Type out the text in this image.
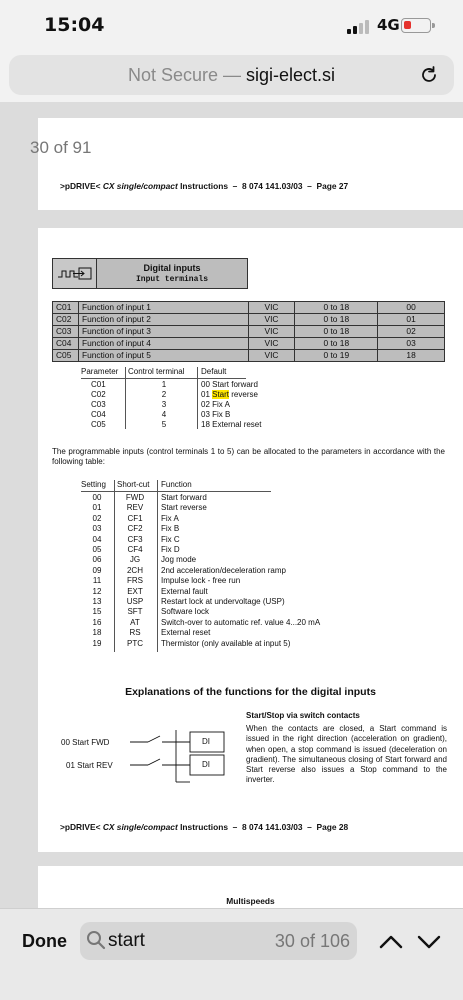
15:04	4G
Not Secure — sigi-elect.si
>pDRIVE< CX single/compact Instructions  –  8 074 141.03/03  –  Page 27
30 of 91
Digital inputs
Input terminals
C01	Function of input 1	VIC	0 to 18	00
C02	Function of input 2	VIC	0 to 18	01
C03	Function of input 3	VIC	0 to 18	02
C04	Function of input 4	VIC	0 to 18	03
C05	Function of input 5	VIC	0 to 19	18
Parameter Control terminal Default
C01	1	00 Start forward
C02	2	01 Start reverse
C03	3	02 Fix A
C04	4	03 Fix B
C05	5	18 External reset
The programmable inputs (control terminals 1 to 5) can be allocated to the parameters in accordance with the following table:
Setting Short-cut Function
00	FWD	Start forward
01	REV	Start reverse
02	CF1	Fix A
03	CF2	Fix B
04	CF3	Fix C
05	CF4	Fix D
06	JG	Jog mode
09	2CH	2nd acceleration/deceleration ramp
11	FRS	Impulse lock - free run
12	EXT	External fault
13	USP	Restart lock at undervoltage (USP)
15	SFT	Software lock
16	AT	Switch-over to automatic ref. value 4...20 mA
18	RS	External reset
19	PTC	Thermistor (only available at input 5)
Explanations of the functions for the digital inputs
Start/Stop via switch contacts
When the contacts are closed, a Start command is issued in the right direction (acceleration on gradient), when open, a stop command is issued (deceleration on gradient). The simultaneous closing of Start forward and Start reverse also issues a Stop command to the inverter.
00 Start FWD
01 Start REV
DI
DI
>pDRIVE< CX single/compact Instructions  –  8 074 141.03/03  –  Page 28
Multispeeds
Done
start	30 of 106
